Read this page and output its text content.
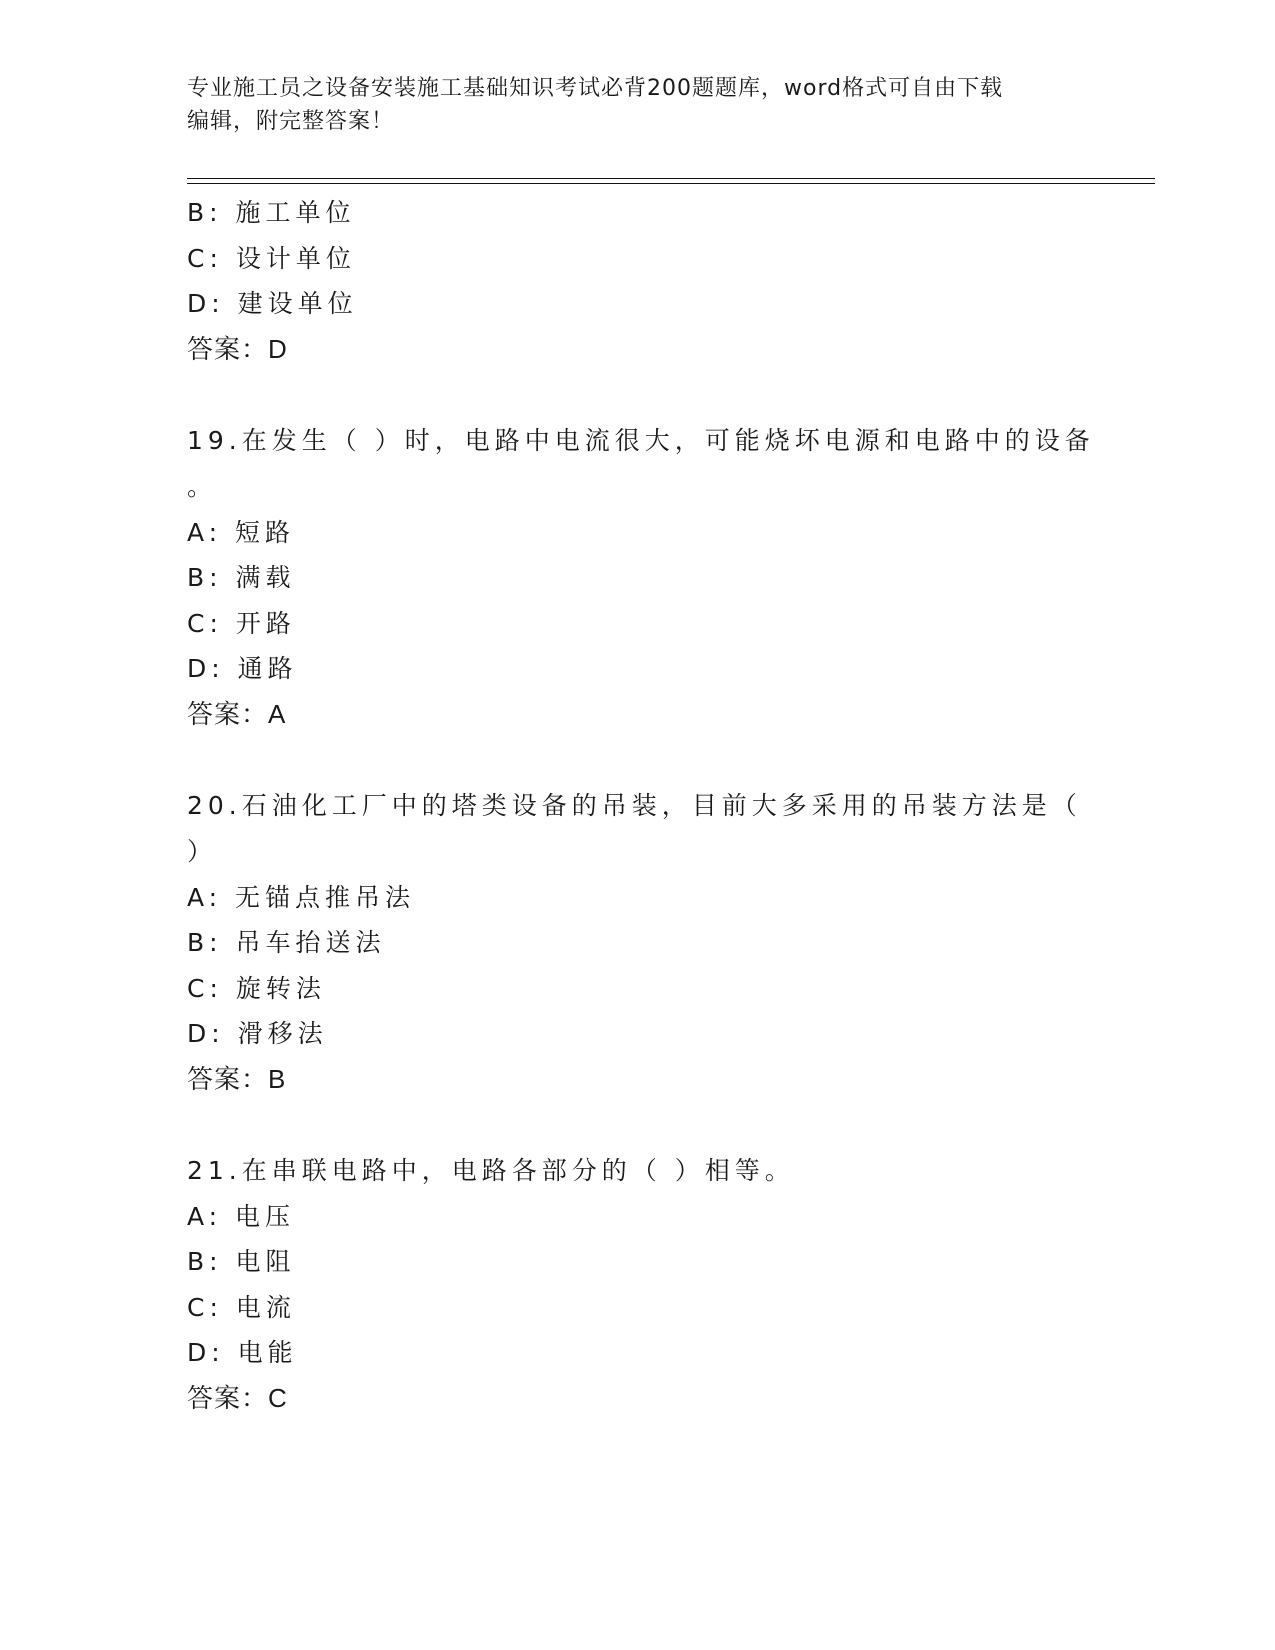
专业施工员之设备安装施工基础知识考试必背200题题库，word格式可自由下载
编辑，附完整答案！
B: 施工单位
C: 设计单位
D: 建设单位
答案：D
19.在发生（ ）时，电路中电流很大，可能烧坏电源和电路中的设备
。
A: 短路
B: 满载
C: 开路
D: 通路
答案：A
20.石油化工厂中的塔类设备的吊装，目前大多采用的吊装方法是（
）
A: 无锚点推吊法
B: 吊车抬送法
C: 旋转法
D: 滑移法
答案：B
21.在串联电路中，电路各部分的（ ）相等。
A: 电压
B: 电阻
C: 电流
D: 电能
答案：C
